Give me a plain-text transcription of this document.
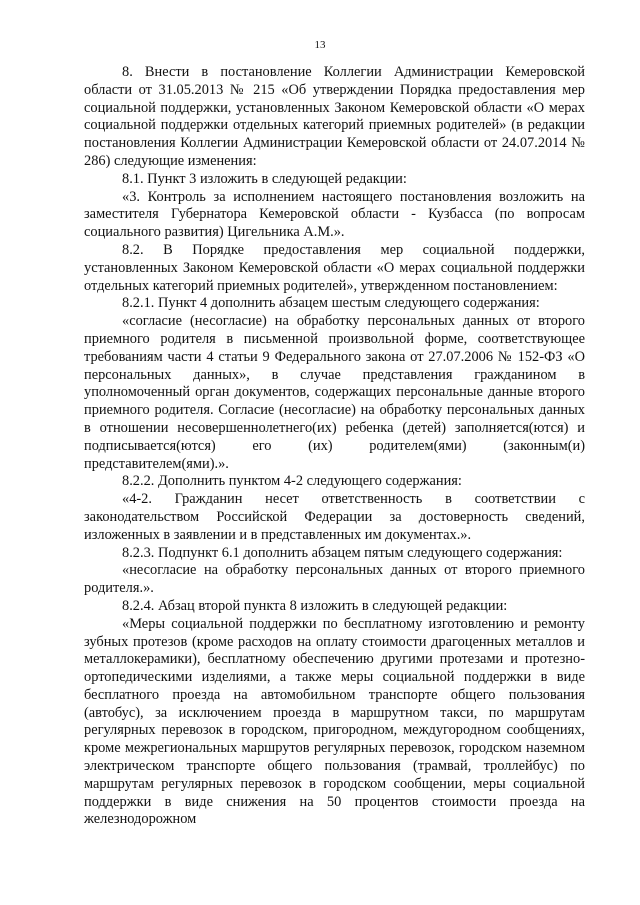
13

8. Внести в постановление Коллегии Администрации Кемеровской области от 31.05.2013 № 215 «Об утверждении Порядка предоставления мер социальной поддержки, установленных Законом Кемеровской области «О мерах социальной поддержки отдельных категорий приемных родителей» (в редакции постановления Коллегии Администрации Кемеровской области от 24.07.2014 № 286) следующие изменения:

8.1. Пункт 3 изложить в следующей редакции:

«3. Контроль за исполнением настоящего постановления возложить на заместителя Губернатора Кемеровской области - Кузбасса (по вопросам социального развития) Цигельника А.М.».

8.2. В Порядке предоставления мер социальной поддержки, установленных Законом Кемеровской области «О мерах социальной поддержки отдельных категорий приемных родителей», утвержденном постановлением:

8.2.1. Пункт 4 дополнить абзацем шестым следующего содержания:

«согласие (несогласие) на обработку персональных данных от второго приемного родителя в письменной произвольной форме, соответствующее требованиям части 4 статьи 9 Федерального закона от 27.07.2006 № 152-ФЗ «О персональных данных», в случае представления гражданином в уполномоченный орган документов, содержащих персональные данные второго приемного родителя. Согласие (несогласие) на обработку персональных данных в отношении несовершеннолетнего(их) ребенка (детей) заполняется(ются) и подписывается(ются) его (их) родителем(ями) (законным(и) представителем(ями).».

8.2.2. Дополнить пунктом 4-2 следующего содержания:

«4-2. Гражданин несет ответственность в соответствии с законодательством Российской Федерации за достоверность сведений, изложенных в заявлении и в представленных им документах.».

8.2.3. Подпункт 6.1 дополнить абзацем пятым следующего содержания:

«несогласие на обработку персональных данных от второго приемного родителя.».

8.2.4. Абзац второй пункта 8 изложить в следующей редакции:

«Меры социальной поддержки по бесплатному изготовлению и ремонту зубных протезов (кроме расходов на оплату стоимости драгоценных металлов и металлокерамики), бесплатному обеспечению другими протезами и протезно-ортопедическими изделиями, а также меры социальной поддержки в виде бесплатного проезда на автомобильном транспорте общего пользования (автобус), за исключением проезда в маршрутном такси, по маршрутам регулярных перевозок в городском, пригородном, междугородном сообщениях, кроме межрегиональных маршрутов регулярных перевозок, городском наземном электрическом транспорте общего пользования (трамвай, троллейбус) по маршрутам регулярных перевозок в городском сообщении, меры социальной поддержки в виде снижения на 50 процентов стоимости проезда на железнодорожном
